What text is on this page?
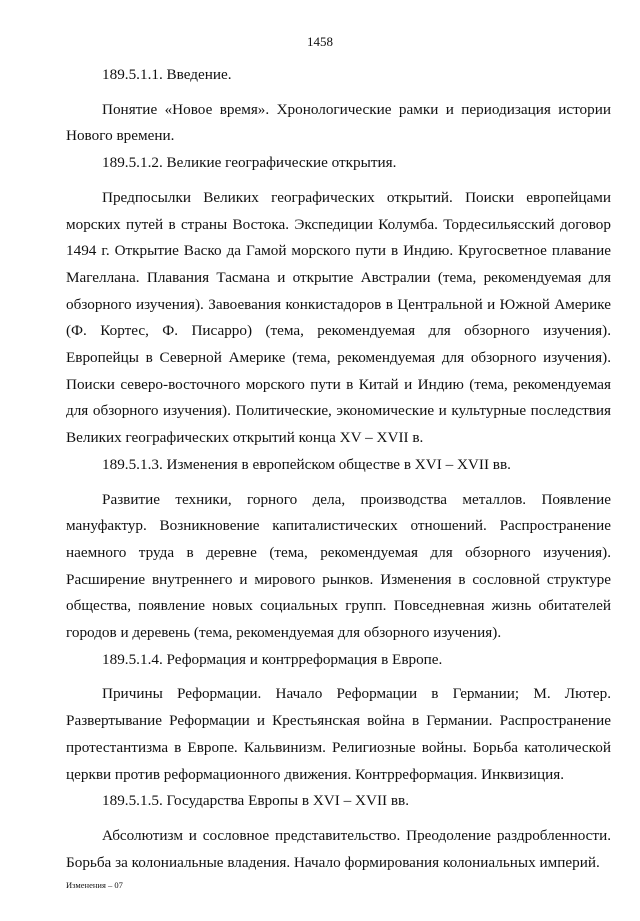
1458

189.5.1.1. Введение.

Понятие «Новое время». Хронологические рамки и периодизация истории Нового времени.

189.5.1.2. Великие географические открытия.

Предпосылки Великих географических открытий. Поиски европейцами морских путей в страны Востока. Экспедиции Колумба. Тордесильясский договор 1494 г. Открытие Васко да Гамой морского пути в Индию. Кругосветное плавание Магеллана. Плавания Тасмана и открытие Австралии (тема, рекомендуемая для обзорного изучения). Завоевания конкистадоров в Центральной и Южной Америке (Ф. Кортес, Ф. Писарро) (тема, рекомендуемая для обзорного изучения). Европейцы в Северной Америке (тема, рекомендуемая для обзорного изучения). Поиски северо-восточного морского пути в Китай и Индию (тема, рекомендуемая для обзорного изучения). Политические, экономические и культурные последствия Великих географических открытий конца XV – XVII в.

189.5.1.3. Изменения в европейском обществе в XVI – XVII вв.

Развитие техники, горного дела, производства металлов. Появление мануфактур. Возникновение капиталистических отношений. Распространение наемного труда в деревне (тема, рекомендуемая для обзорного изучения). Расширение внутреннего и мирового рынков. Изменения в сословной структуре общества, появление новых социальных групп. Повседневная жизнь обитателей городов и деревень (тема, рекомендуемая для обзорного изучения).

189.5.1.4. Реформация и контрреформация в Европе.

Причины Реформации. Начало Реформации в Германии; М. Лютер. Развертывание Реформации и Крестьянская война в Германии. Распространение протестантизма в Европе. Кальвинизм. Религиозные войны. Борьба католической церкви против реформационного движения. Контрреформация. Инквизиция.

189.5.1.5. Государства Европы в XVI – XVII вв.

Абсолютизм и сословное представительство. Преодоление раздробленности. Борьба за колониальные владения. Начало формирования колониальных империй.

Изменения – 07
